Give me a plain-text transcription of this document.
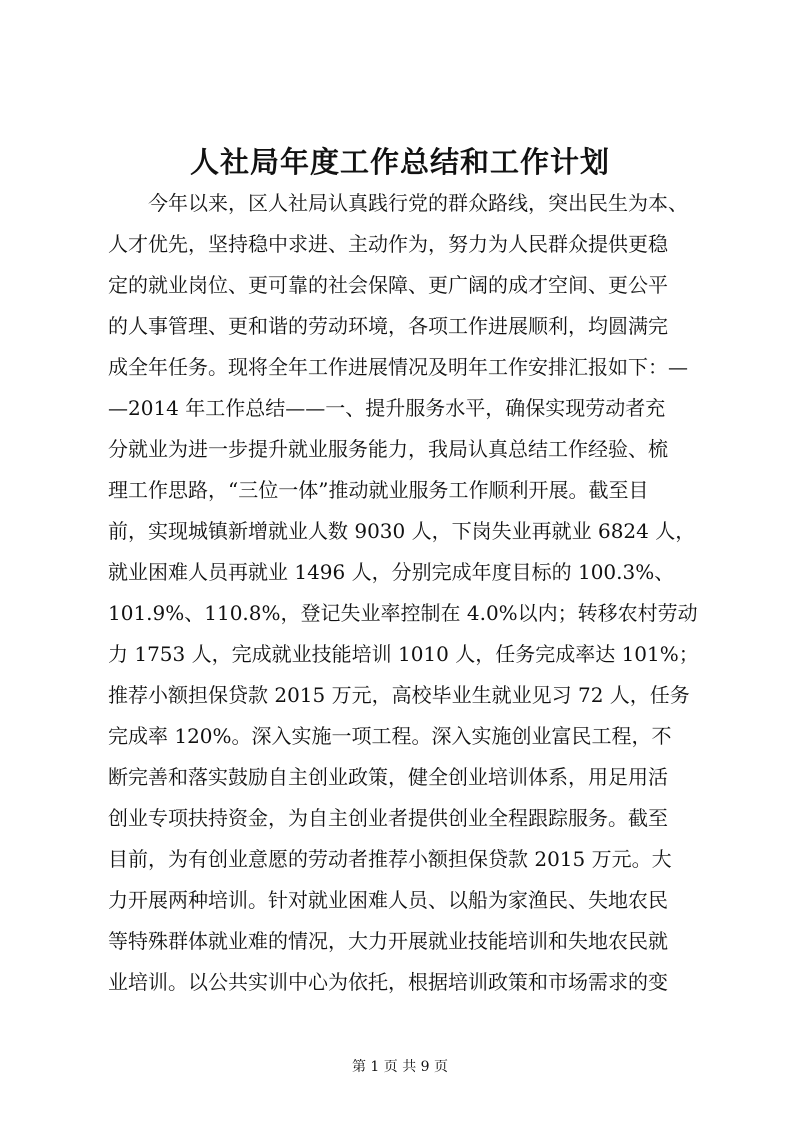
人社局年度工作总结和工作计划
　　今年以来，区人社局认真践行党的群众路线，突出民生为本、
人才优先，坚持稳中求进、主动作为，努力为人民群众提供更稳
定的就业岗位、更可靠的社会保障、更广阔的成才空间、更公平
的人事管理、更和谐的劳动环境，各项工作进展顺利，均圆满完
成全年任务。现将全年工作进展情况及明年工作安排汇报如下：—
—2014 年工作总结——一、提升服务水平，确保实现劳动者充
分就业为进一步提升就业服务能力，我局认真总结工作经验、梳
理工作思路，“三位一体”推动就业服务工作顺利开展。截至目
前，实现城镇新增就业人数 9030 人，下岗失业再就业 6824 人，
就业困难人员再就业 1496 人，分别完成年度目标的 100.3%、
101.9%、110.8%，登记失业率控制在 4.0%以内；转移农村劳动
力 1753 人，完成就业技能培训 1010 人，任务完成率达 101%；
推荐小额担保贷款 2015 万元，高校毕业生就业见习 72 人，任务
完成率 120%。深入实施一项工程。深入实施创业富民工程，不
断完善和落实鼓励自主创业政策，健全创业培训体系，用足用活
创业专项扶持资金，为自主创业者提供创业全程跟踪服务。截至
目前，为有创业意愿的劳动者推荐小额担保贷款 2015 万元。大
力开展两种培训。针对就业困难人员、以船为家渔民、失地农民
等特殊群体就业难的情况，大力开展就业技能培训和失地农民就
业培训。以公共实训中心为依托，根据培训政策和市场需求的变
第 1 页 共 9 页
